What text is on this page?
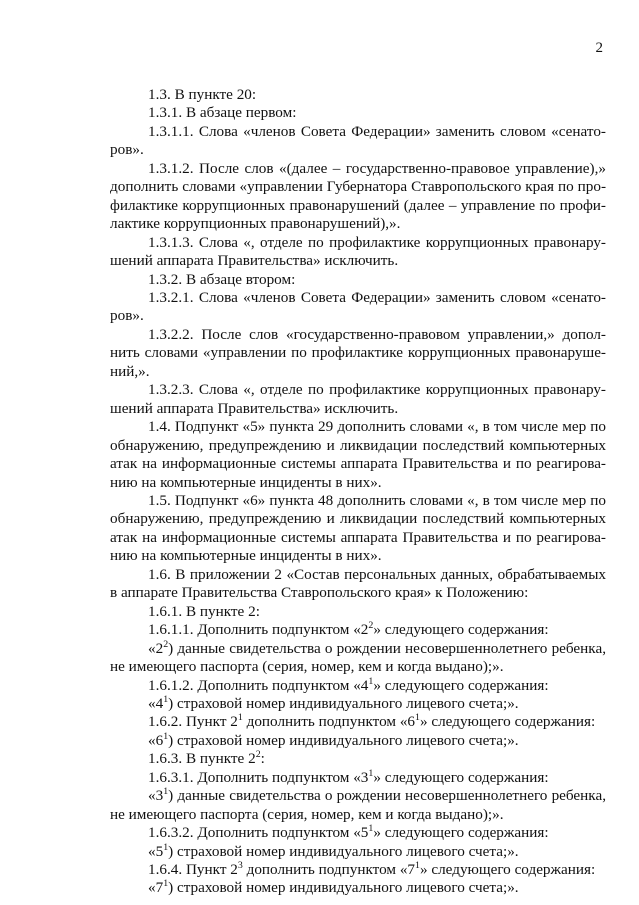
2

1.3. В пункте 20:

1.3.1. В абзаце первом:

1.3.1.1. Слова «членов Совета Федерации» заменить словом «сенато-ров».

1.3.1.2. После слов «(далее – государственно-правовое управление),» дополнить словами «управлении Губернатора Ставропольского края по про-филактике коррупционных правонарушений (далее – управление по профи-лактике коррупционных правонарушений),».

1.3.1.3. Слова «, отделе по профилактике коррупционных правонару-шений аппарата Правительства» исключить.

1.3.2. В абзаце втором:

1.3.2.1. Слова «членов Совета Федерации» заменить словом «сенато-ров».

1.3.2.2. После слов «государственно-правовом управлении,» допол-нить словами «управлении по профилактике коррупционных правонаруше-ний,».

1.3.2.3. Слова «, отделе по профилактике коррупционных правонару-шений аппарата Правительства» исключить.

1.4. Подпункт «5» пункта 29 дополнить словами «, в том числе мер по обнаружению, предупреждению и ликвидации последствий компьютерных атак на информационные системы аппарата Правительства и по реагирова-нию на компьютерные инциденты в них».

1.5. Подпункт «6» пункта 48 дополнить словами «, в том числе мер по обнаружению, предупреждению и ликвидации последствий компьютерных атак на информационные системы аппарата Правительства и по реагирова-нию на компьютерные инциденты в них».

1.6. В приложении 2 «Состав персональных данных, обрабатываемых в аппарате Правительства Ставропольского края» к Положению:

1.6.1. В пункте 2:

1.6.1.1. Дополнить подпунктом «$2^2$» следующего содержания:

«$2^2$) данные свидетельства о рождении несовершеннолетнего ребенка, не имеющего паспорта (серия, номер, кем и когда выдано);».

1.6.1.2. Дополнить подпунктом «$4^1$» следующего содержания:

«$4^1$) страховой номер индивидуального лицевого счета;».

1.6.2. Пункт $2^1$ дополнить подпунктом «$6^1$» следующего содержания:

«$6^1$) страховой номер индивидуального лицевого счета;».

1.6.3. В пункте $2^2$:

1.6.3.1. Дополнить подпунктом «$3^1$» следующего содержания:

«$3^1$) данные свидетельства о рождении несовершеннолетнего ребенка, не имеющего паспорта (серия, номер, кем и когда выдано);».

1.6.3.2. Дополнить подпунктом «$5^1$» следующего содержания:

«$5^1$) страховой номер индивидуального лицевого счета;».

1.6.4. Пункт $2^3$ дополнить подпунктом «$7^1$» следующего содержания:

«$7^1$) страховой номер индивидуального лицевого счета;».
